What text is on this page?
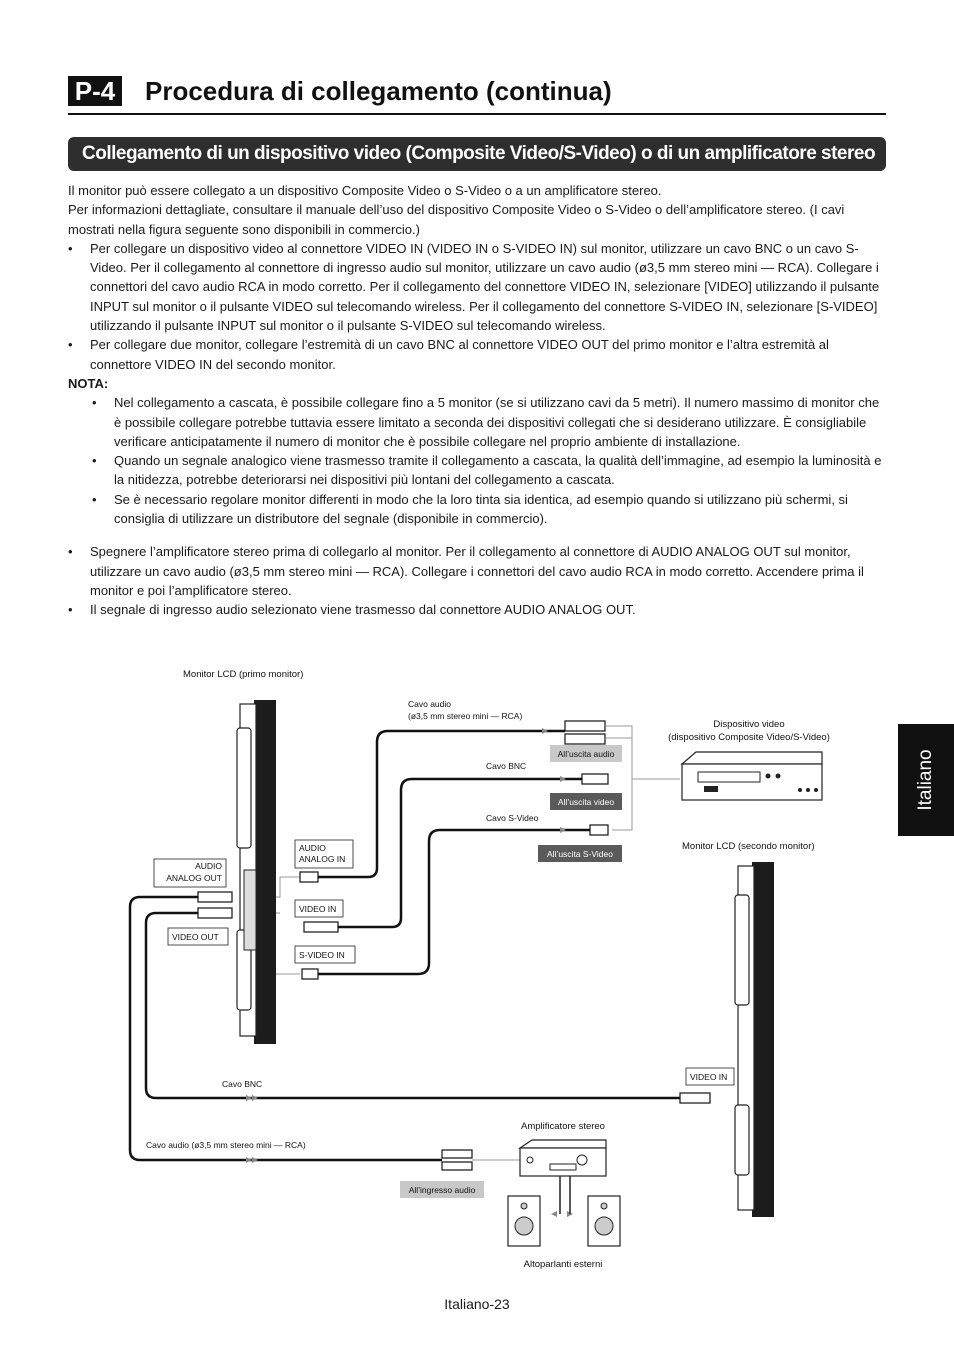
P-4 Procedura di collegamento (continua)
Collegamento di un dispositivo video (Composite Video/S-Video) o di un amplificatore stereo
Italiano

Il monitor può essere collegato a un dispositivo Composite Video o S-Video o a un amplificatore stereo.

Per informazioni dettagliate, consultare il manuale dell’uso del dispositivo Composite Video o S-Video o dell’amplificatore stereo. (I cavi mostrati nella figura seguente sono disponibili in commercio.)

• Per collegare un dispositivo video al connettore VIDEO IN (VIDEO IN o S-VIDEO IN) sul monitor, utilizzare un cavo BNC o un cavo S-Video. Per il collegamento al connettore di ingresso audio sul monitor, utilizzare un cavo audio (ø3,5 mm stereo mini — RCA). Collegare i connettori del cavo audio RCA in modo corretto. Per il collegamento del connettore VIDEO IN, selezionare [VIDEO] utilizzando il pulsante INPUT sul monitor o il pulsante VIDEO sul telecomando wireless. Per il collegamento del connettore S-VIDEO IN, selezionare [S-VIDEO] utilizzando il pulsante INPUT sul monitor o il pulsante S-VIDEO sul telecomando wireless.
• Per collegare due monitor, collegare l’estremità di un cavo BNC al connettore VIDEO OUT del primo monitor e l’altra estremità al connettore VIDEO IN del secondo monitor.

NOTA:

• Nel collegamento a cascata, è possibile collegare fino a 5 monitor (se si utilizzano cavi da 5 metri). Il numero massimo di monitor che è possibile collegare potrebbe tuttavia essere limitato a seconda dei dispositivi collegati che si desiderano utilizzare. È consigliabile verificare anticipatamente il numero di monitor che è possibile collegare nel proprio ambiente di installazione.
• Quando un segnale analogico viene trasmesso tramite il collegamento a cascata, la qualità dell’immagine, ad esempio la luminosità e la nitidezza, potrebbe deteriorarsi nei dispositivi più lontani del collegamento a cascata.
• Se è necessario regolare monitor differenti in modo che la loro tinta sia identica, ad esempio quando si utilizzano più schermi, si consiglia di utilizzare un distributore del segnale (disponibile in commercio).
• Spegnere l’amplificatore stereo prima di collegarlo al monitor. Per il collegamento al connettore di AUDIO ANALOG OUT sul monitor, utilizzare un cavo audio (ø3,5 mm stereo mini — RCA). Collegare i connettori del cavo audio RCA in modo corretto. Accendere prima il monitor e poi l’amplificatore stereo.
• Il segnale di ingresso audio selezionato viene trasmesso dal connettore AUDIO ANALOG OUT.
Monitor LCD (primo monitor)
Monitor LCD (secondo monitor)
Cavo audio
(ø3,5 mm stereo mini — RCA)
Cavo BNC
Cavo S-Video
Dispositivo video
(dispositivo Composite Video/S-Video)
All’uscita audio
All’uscita video
All’uscita S-Video
AUDIO
ANALOG IN
AUDIO
ANALOG OUT
VIDEO IN
VIDEO OUT
S-VIDEO IN
VIDEO IN
Cavo BNC
Cavo audio (ø3,5 mm stereo mini — RCA)
Amplificatore stereo
All’ingresso audio
Altoparlanti esterni
Italiano-23
